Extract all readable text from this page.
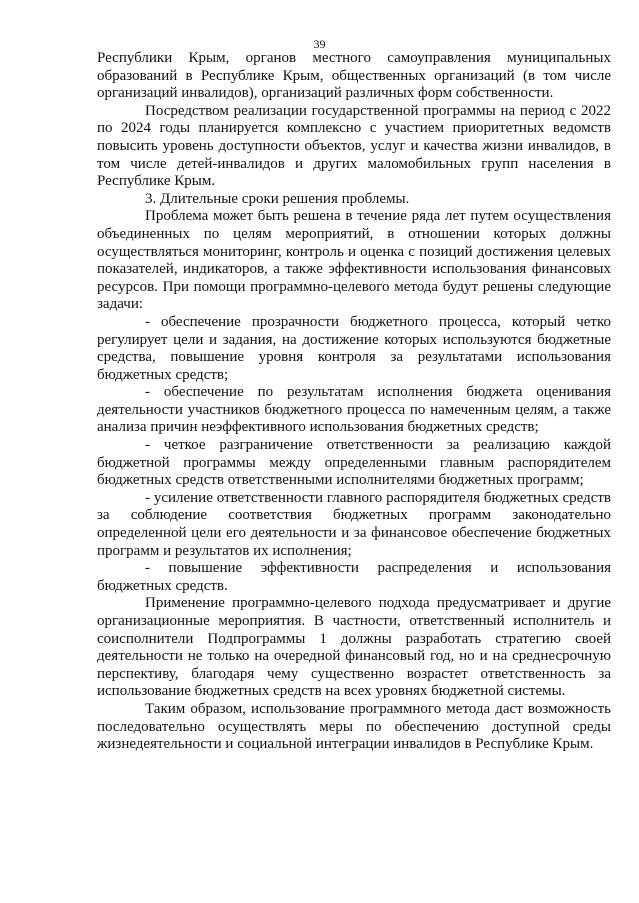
39

Республики Крым, органов местного самоуправления муниципальных образований в Республике Крым, общественных организаций (в том числе организаций инвалидов), организаций различных форм собственности.

Посредством реализации государственной программы на период с 2022 по 2024 годы планируется комплексно с участием приоритетных ведомств повысить уровень доступности объектов, услуг и качества жизни инвалидов, в том числе детей-инвалидов и других маломобильных групп населения в Республике Крым.

3. Длительные сроки решения проблемы.

Проблема может быть решена в течение ряда лет путем осуществления объединенных по целям мероприятий, в отношении которых должны осуществляться мониторинг, контроль и оценка с позиций достижения целевых показателей, индикаторов, а также эффективности использования финансовых ресурсов. При помощи программно-целевого метода будут решены следующие задачи:

- обеспечение прозрачности бюджетного процесса, который четко регулирует цели и задания, на достижение которых используются бюджетные средства, повышение уровня контроля за результатами использования бюджетных средств;

- обеспечение по результатам исполнения бюджета оценивания деятельности участников бюджетного процесса по намеченным целям, а также анализа причин неэффективного использования бюджетных средств;

- четкое разграничение ответственности за реализацию каждой бюджетной программы между определенными главным распорядителем бюджетных средств ответственными исполнителями бюджетных программ;

- усиление ответственности главного распорядителя бюджетных средств за соблюдение соответствия бюджетных программ законодательно определенной цели его деятельности и за финансовое обеспечение бюджетных программ и результатов их исполнения;

- повышение эффективности распределения и использования бюджетных средств.

Применение программно-целевого подхода предусматривает и другие организационные мероприятия. В частности, ответственный исполнитель и соисполнители Подпрограммы 1 должны разработать стратегию своей деятельности не только на очередной финансовый год, но и на среднесрочную перспективу, благодаря чему существенно возрастет ответственность за использование бюджетных средств на всех уровнях бюджетной системы.

Таким образом, использование программного метода даст возможность последовательно осуществлять меры по обеспечению доступной среды жизнедеятельности и социальной интеграции инвалидов в Республике Крым.
